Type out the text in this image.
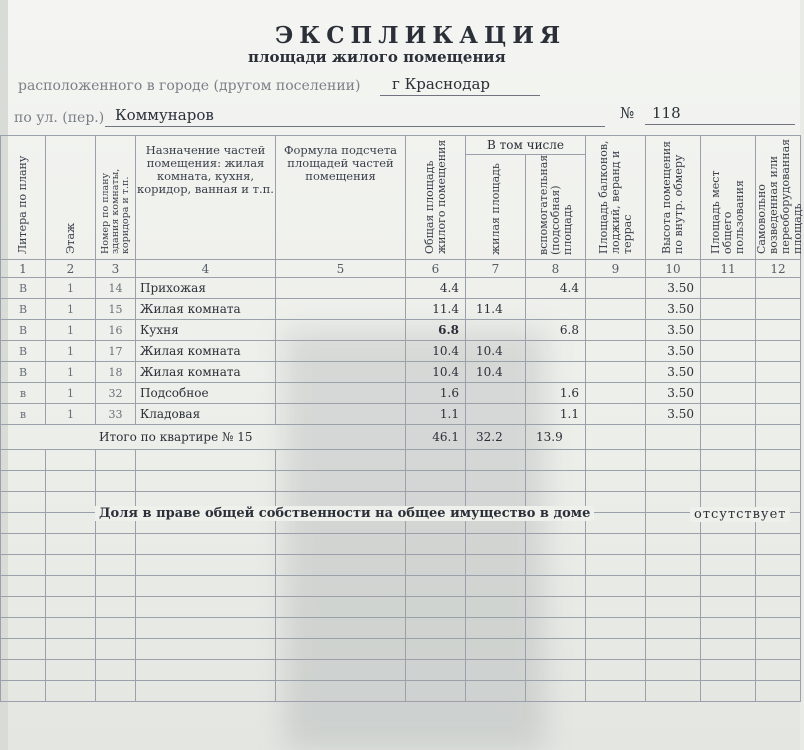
ЭКСПЛИКАЦИЯ
площади жилого помещения
расположенного в городе (другом поселении) г Краснодар
по ул. (пер.) Коммунаров	№ 118
Литера по плану	Этаж	Номер по плану здания комнаты, коридора и т.п.	Назначение частей помещения: жилая комната, кухня, коридор, ванная и т.п.	Формула подсчета площадей частей помещения	Общая площадь жилого помещения	В том числе		Площадь балконов, лоджий, веранд и террас	Высота помещения по внутр. обмеру	Площадь мест общего пользования	Самовольно возведенная или переоборудованная площадь

						жилая площадь	вспомогательная (подсобная) площадь				

1	2	3	4	5	6	7	8	9	10	11	12
В	1	14	Прихожая		4.4		4.4		3.50		
В	1	15	Жилая комната		11.4	11.4			3.50		
В	1	16	Кухня		6.8		6.8		3.50		
В	1	17	Жилая комната		10.4	10.4			3.50		
В	1	18	Жилая комната		10.4	10.4			3.50		
в	1	32	Подсобное		1.6		1.6		3.50		
в	1	33	Кладовая		1.1		1.1		3.50		
Итого по квартире № 15					46.1	32.2	13.9				

Доля в праве общей собственности на общее имущество в доме	отсутствует
